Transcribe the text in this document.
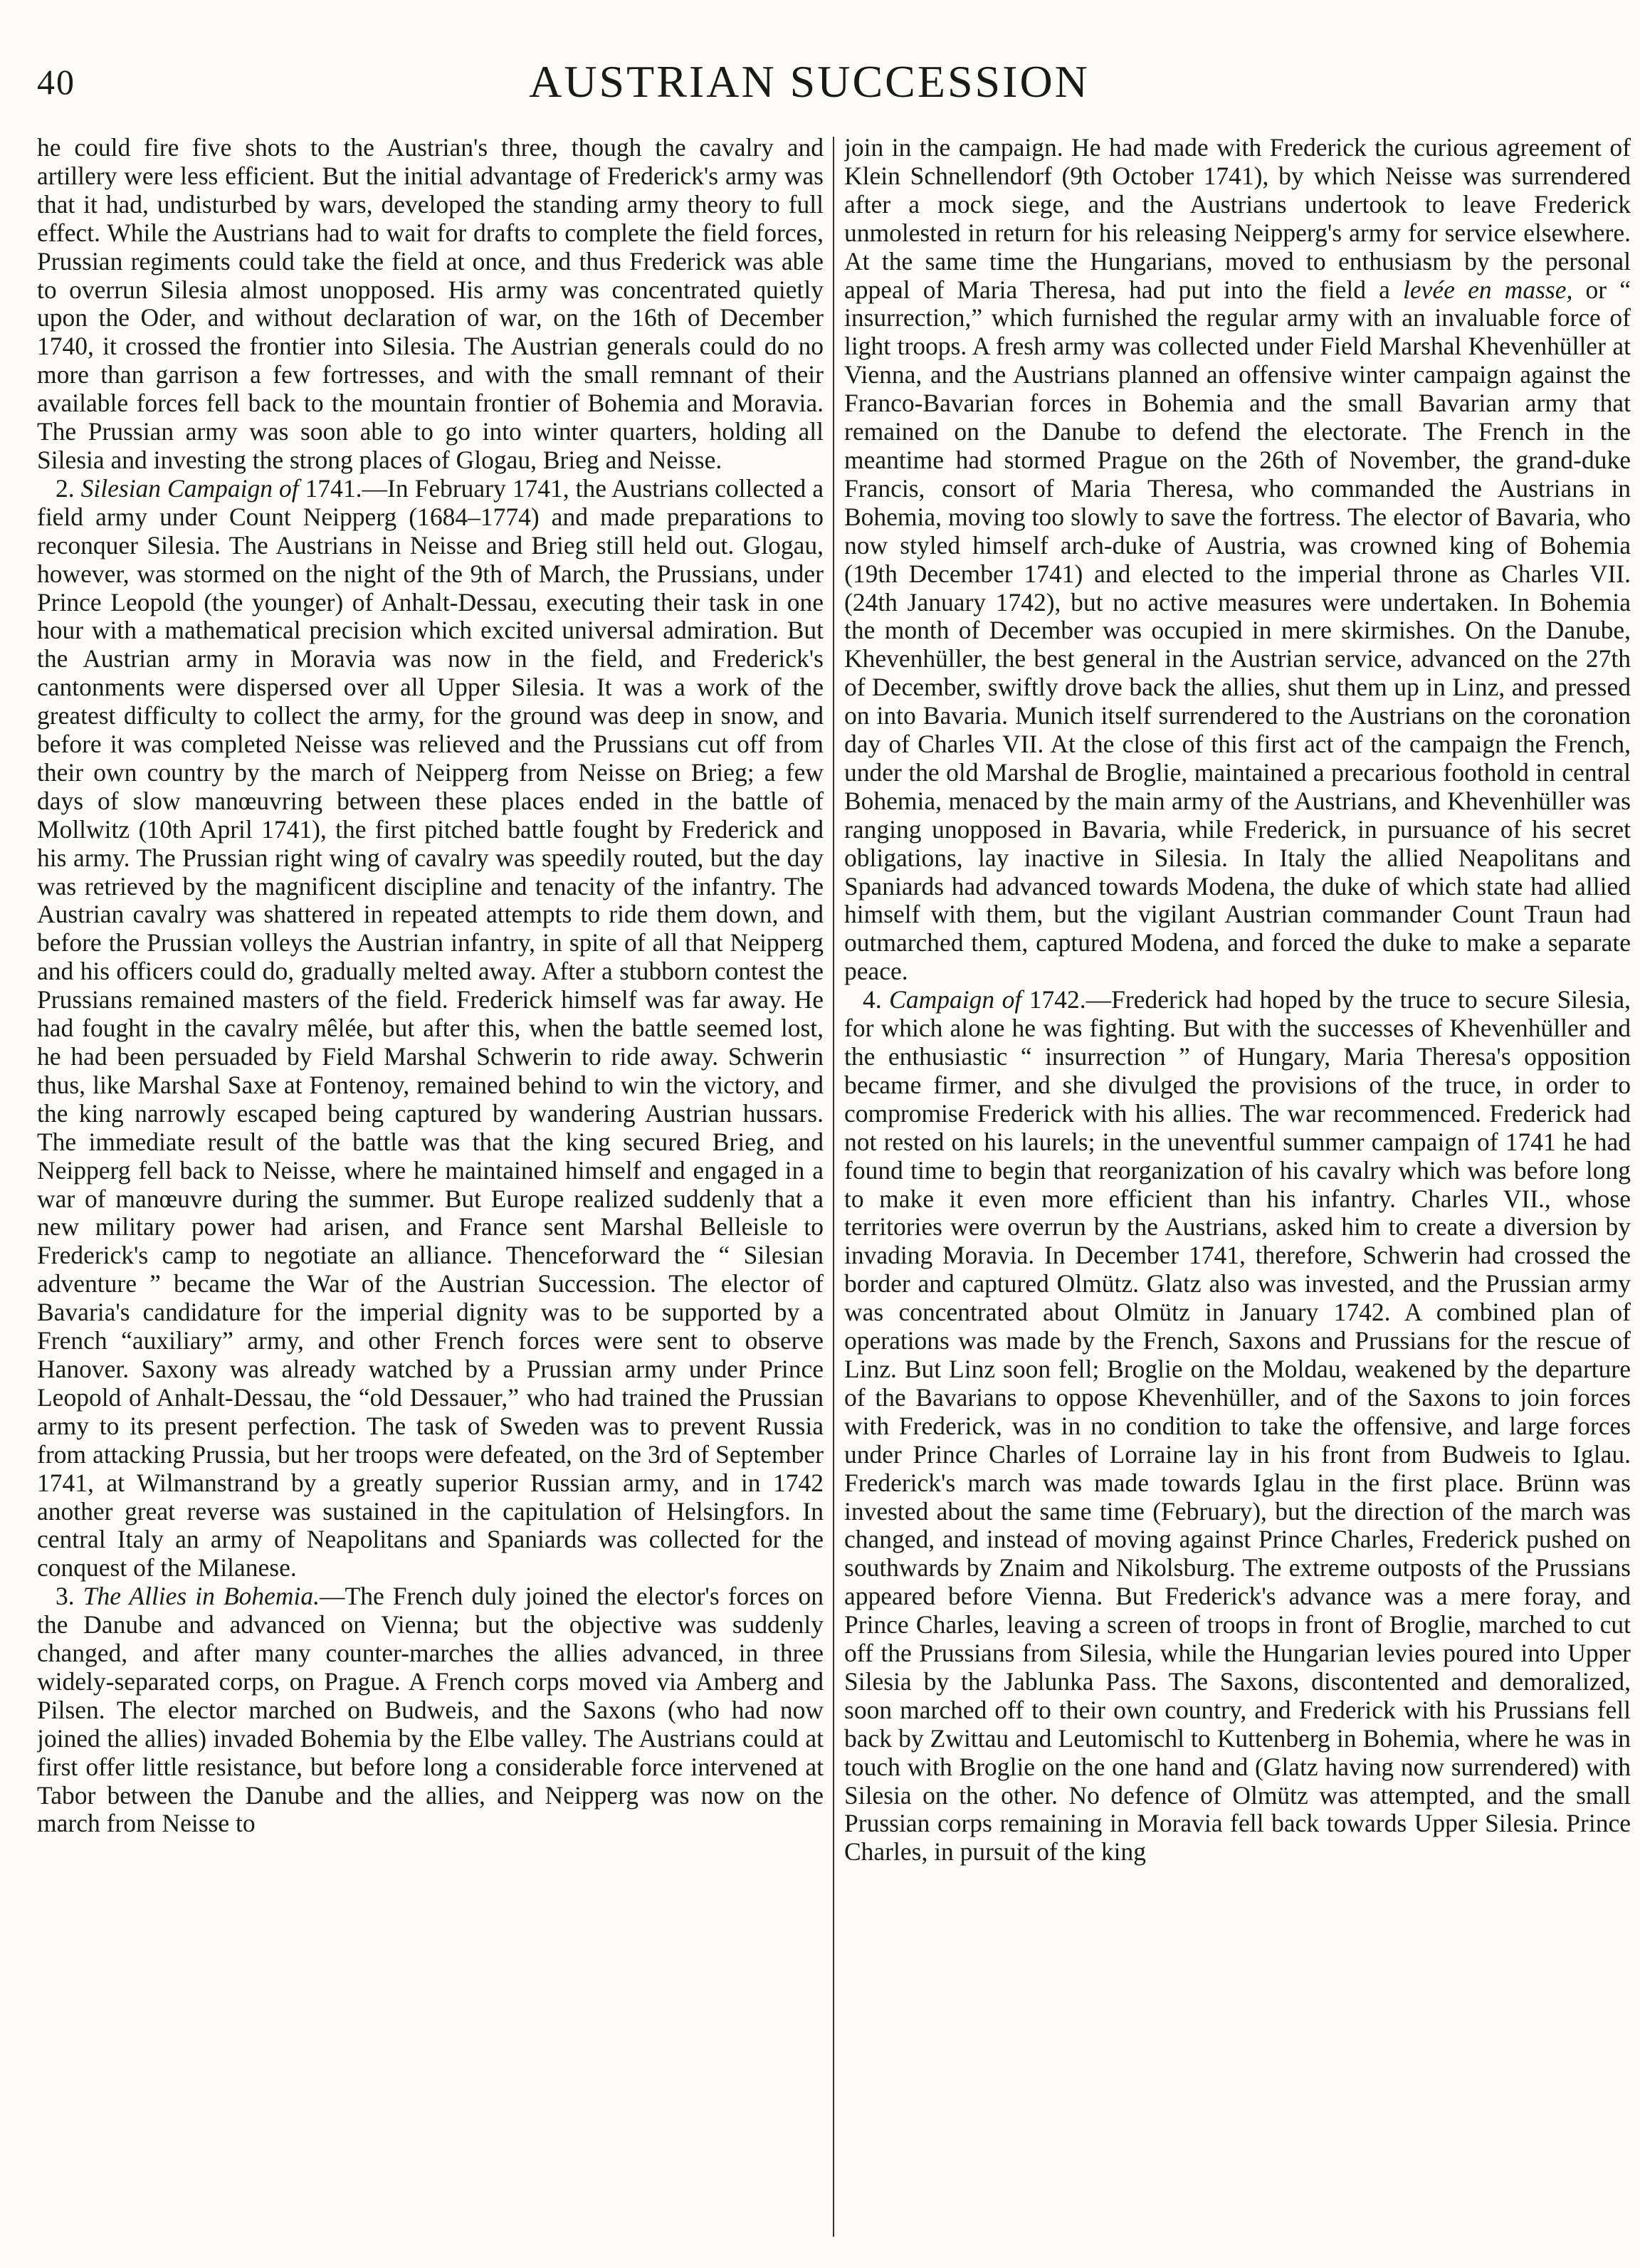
40	AUSTRIAN SUCCESSION

he could fire five shots to the Austrian's three, though the cavalry and artillery were less efficient. But the initial advantage of Frederick's army was that it had, undisturbed by wars, developed the standing army theory to full effect. While the Austrians had to wait for drafts to complete the field forces, Prussian regiments could take the field at once, and thus Frederick was able to overrun Silesia almost unopposed. His army was concentrated quietly upon the Oder, and without declaration of war, on the 16th of December 1740, it crossed the frontier into Silesia. The Austrian generals could do no more than garrison a few fortresses, and with the small remnant of their available forces fell back to the mountain frontier of Bohemia and Moravia. The Prussian army was soon able to go into winter quarters, holding all Silesia and investing the strong places of Glogau, Brieg and Neisse.

2. Silesian Campaign of 1741.—In February 1741, the Austrians collected a field army under Count Neipperg (1684–1774) and made preparations to reconquer Silesia. The Austrians in Neisse and Brieg still held out. Glogau, however, was stormed on the night of the 9th of March, the Prussians, under Prince Leopold (the younger) of Anhalt-Dessau, executing their task in one hour with a mathematical precision which excited universal admiration. But the Austrian army in Moravia was now in the field, and Frederick's cantonments were dispersed over all Upper Silesia. It was a work of the greatest difficulty to collect the army, for the ground was deep in snow, and before it was completed Neisse was relieved and the Prussians cut off from their own country by the march of Neipperg from Neisse on Brieg; a few days of slow manœuvring between these places ended in the battle of Mollwitz (10th April 1741), the first pitched battle fought by Frederick and his army. The Prussian right wing of cavalry was speedily routed, but the day was retrieved by the magnificent discipline and tenacity of the infantry. The Austrian cavalry was shattered in repeated attempts to ride them down, and before the Prussian volleys the Austrian infantry, in spite of all that Neipperg and his officers could do, gradually melted away. After a stubborn contest the Prussians remained masters of the field. Frederick himself was far away. He had fought in the cavalry mêlée, but after this, when the battle seemed lost, he had been persuaded by Field Marshal Schwerin to ride away. Schwerin thus, like Marshal Saxe at Fontenoy, remained behind to win the victory, and the king narrowly escaped being captured by wandering Austrian hussars. The immediate result of the battle was that the king secured Brieg, and Neipperg fell back to Neisse, where he maintained himself and engaged in a war of manœuvre during the summer. But Europe realized suddenly that a new military power had arisen, and France sent Marshal Belleisle to Frederick's camp to negotiate an alliance. Thenceforward the “ Silesian adventure ” became the War of the Austrian Succession. The elector of Bavaria's candidature for the imperial dignity was to be supported by a French “auxiliary” army, and other French forces were sent to observe Hanover. Saxony was already watched by a Prussian army under Prince Leopold of Anhalt-Dessau, the “old Dessauer,” who had trained the Prussian army to its present perfection. The task of Sweden was to prevent Russia from attacking Prussia, but her troops were defeated, on the 3rd of September 1741, at Wilmanstrand by a greatly superior Russian army, and in 1742 another great reverse was sustained in the capitulation of Helsingfors. In central Italy an army of Neapolitans and Spaniards was collected for the conquest of the Milanese.

3. The Allies in Bohemia.—The French duly joined the elector's forces on the Danube and advanced on Vienna; but the objective was suddenly changed, and after many counter-marches the allies advanced, in three widely-separated corps, on Prague. A French corps moved via Amberg and Pilsen. The elector marched on Budweis, and the Saxons (who had now joined the allies) invaded Bohemia by the Elbe valley. The Austrians could at first offer little resistance, but before long a considerable force intervened at Tabor between the Danube and the allies, and Neipperg was now on the march from Neisse to

join in the campaign. He had made with Frederick the curious agreement of Klein Schnellendorf (9th October 1741), by which Neisse was surrendered after a mock siege, and the Austrians undertook to leave Frederick unmolested in return for his releasing Neipperg's army for service elsewhere. At the same time the Hungarians, moved to enthusiasm by the personal appeal of Maria Theresa, had put into the field a levée en masse, or “ insurrection,” which furnished the regular army with an invaluable force of light troops. A fresh army was collected under Field Marshal Khevenhüller at Vienna, and the Austrians planned an offensive winter campaign against the Franco-Bavarian forces in Bohemia and the small Bavarian army that remained on the Danube to defend the electorate. The French in the meantime had stormed Prague on the 26th of November, the grand-duke Francis, consort of Maria Theresa, who commanded the Austrians in Bohemia, moving too slowly to save the fortress. The elector of Bavaria, who now styled himself arch-duke of Austria, was crowned king of Bohemia (19th December 1741) and elected to the imperial throne as Charles VII. (24th January 1742), but no active measures were undertaken. In Bohemia the month of December was occupied in mere skirmishes. On the Danube, Khevenhüller, the best general in the Austrian service, advanced on the 27th of December, swiftly drove back the allies, shut them up in Linz, and pressed on into Bavaria. Munich itself surrendered to the Austrians on the coronation day of Charles VII. At the close of this first act of the campaign the French, under the old Marshal de Broglie, maintained a precarious foothold in central Bohemia, menaced by the main army of the Austrians, and Khevenhüller was ranging unopposed in Bavaria, while Frederick, in pursuance of his secret obligations, lay inactive in Silesia. In Italy the allied Neapolitans and Spaniards had advanced towards Modena, the duke of which state had allied himself with them, but the vigilant Austrian commander Count Traun had outmarched them, captured Modena, and forced the duke to make a separate peace.

4. Campaign of 1742.—Frederick had hoped by the truce to secure Silesia, for which alone he was fighting. But with the successes of Khevenhüller and the enthusiastic “ insurrection ” of Hungary, Maria Theresa's opposition became firmer, and she divulged the provisions of the truce, in order to compromise Frederick with his allies. The war recommenced. Frederick had not rested on his laurels; in the uneventful summer campaign of 1741 he had found time to begin that reorganization of his cavalry which was before long to make it even more efficient than his infantry. Charles VII., whose territories were overrun by the Austrians, asked him to create a diversion by invading Moravia. In December 1741, therefore, Schwerin had crossed the border and captured Olmütz. Glatz also was invested, and the Prussian army was concentrated about Olmütz in January 1742. A combined plan of operations was made by the French, Saxons and Prussians for the rescue of Linz. But Linz soon fell; Broglie on the Moldau, weakened by the departure of the Bavarians to oppose Khevenhüller, and of the Saxons to join forces with Frederick, was in no condition to take the offensive, and large forces under Prince Charles of Lorraine lay in his front from Budweis to Iglau. Frederick's march was made towards Iglau in the first place. Brünn was invested about the same time (February), but the direction of the march was changed, and instead of moving against Prince Charles, Frederick pushed on southwards by Znaim and Nikolsburg. The extreme outposts of the Prussians appeared before Vienna. But Frederick's advance was a mere foray, and Prince Charles, leaving a screen of troops in front of Broglie, marched to cut off the Prussians from Silesia, while the Hungarian levies poured into Upper Silesia by the Jablunka Pass. The Saxons, discontented and demoralized, soon marched off to their own country, and Frederick with his Prussians fell back by Zwittau and Leutomischl to Kuttenberg in Bohemia, where he was in touch with Broglie on the one hand and (Glatz having now surrendered) with Silesia on the other. No defence of Olmütz was attempted, and the small Prussian corps remaining in Moravia fell back towards Upper Silesia. Prince Charles, in pursuit of the king
